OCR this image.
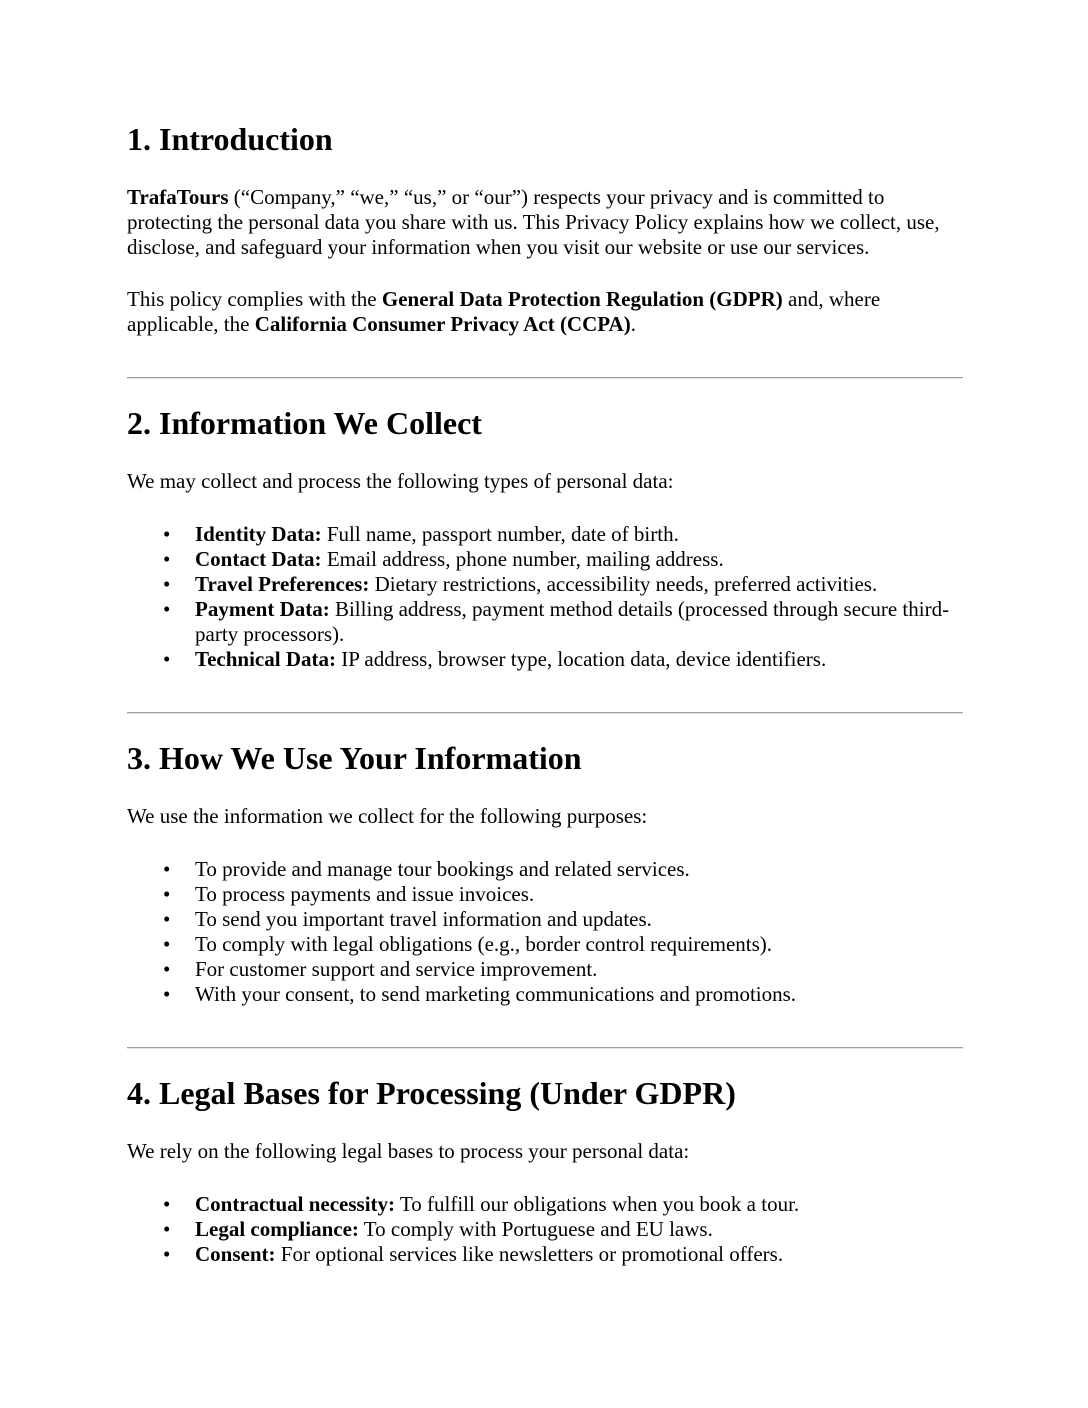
1. Introduction

TrafaTours (“Company,” “we,” “us,” or “our”) respects your privacy and is committed to protecting the personal data you share with us. This Privacy Policy explains how we collect, use, disclose, and safeguard your information when you visit our website or use our services.

This policy complies with the General Data Protection Regulation (GDPR) and, where applicable, the California Consumer Privacy Act (CCPA).

2. Information We Collect

We may collect and process the following types of personal data:

• Identity Data: Full name, passport number, date of birth.
• Contact Data: Email address, phone number, mailing address.
• Travel Preferences: Dietary restrictions, accessibility needs, preferred activities.
• Payment Data: Billing address, payment method details (processed through secure third-party processors).
• Technical Data: IP address, browser type, location data, device identifiers.
3. How We Use Your Information

We use the information we collect for the following purposes:

• To provide and manage tour bookings and related services.
• To process payments and issue invoices.
• To send you important travel information and updates.
• To comply with legal obligations (e.g., border control requirements).
• For customer support and service improvement.
• With your consent, to send marketing communications and promotions.
4. Legal Bases for Processing (Under GDPR)

We rely on the following legal bases to process your personal data:

• Contractual necessity: To fulfill our obligations when you book a tour.
• Legal compliance: To comply with Portuguese and EU laws.
• Consent: For optional services like newsletters or promotional offers.
